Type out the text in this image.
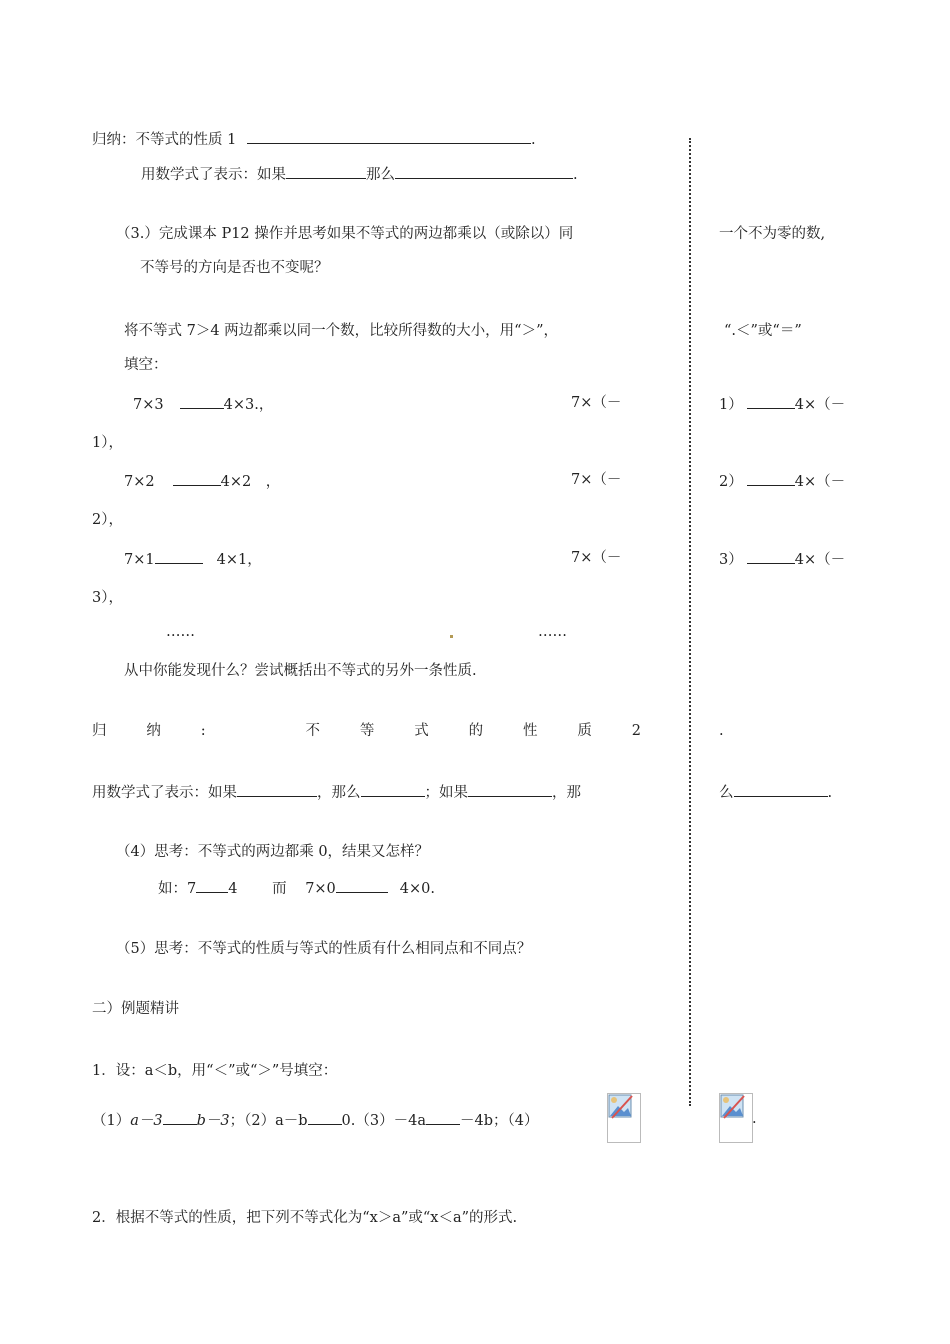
归纳：不等式的性质 1	.
用数学式了表示：如果	那么	.
（3.）完成课本 P12 操作并思考如果不等式的两边都乘以（或除以）同	一个不为零的数,
不等号的方向是否也不变呢？
将不等式 7＞4 两边都乘以同一个数，比较所得数的大小，用“＞”，	“.＜”或“＝”
填空：
7×3	4×3.，	7×（－	1）	4×（－
1），
7×2	4×2　，	7×（－	2）	4×（－
2），
7×1	4×1，	7×（－	3）	4×（－
3），
……	……
从中你能发现什么？尝试概括出不等式的另外一条性质.
归	纳	:	不	等	式	的	性	质	2	.
用数学式了表示：如果	，那么	；如果	，那	么	.
（4）思考：不等式的两边都乘 0，结果又怎样？
如：7 4 而 7×0	4×0.
（5）思考：不等式的性质与等式的性质有什么相同点和不同点？
二）例题精讲
1．设：a＜b，用“＜”或“＞”号填空：
（1）a－3 b－3；（2）a－b 0.（3）－4a －4b；（4）	.
2．根据不等式的性质，把下列不等式化为“x＞a”或“x＜a”的形式.
